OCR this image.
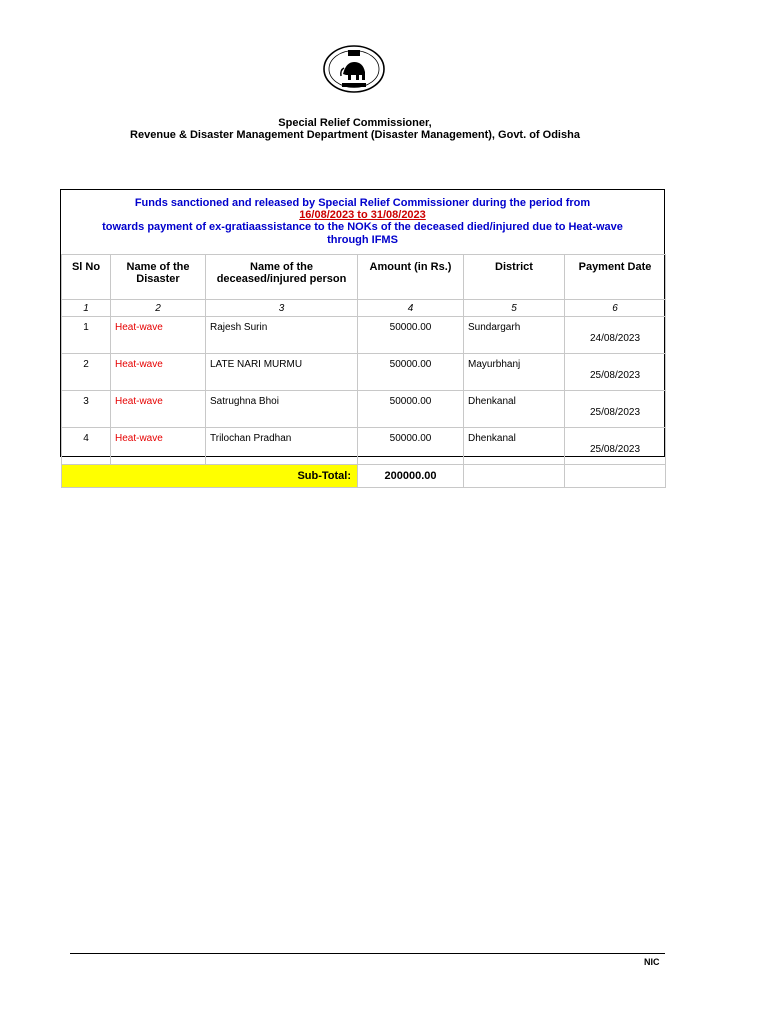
Special Relief Commissioner,
Revenue & Disaster Management Department (Disaster Management), Govt. of Odisha
Funds sanctioned and released by Special Relief Commissioner during the period from
16/08/2023 to 31/08/2023
towards payment of ex-gratiaassistance to the NOKs of the deceased died/injured due to Heat-wave
through IFMS
Sl No	Name of the Disaster	Name of the deceased/injured person	Amount (in Rs.)	District	Payment Date
1	2	3	4	5	6
1	Heat-wave	Rajesh Surin	50000.00	Sundargarh	24/08/2023
2	Heat-wave	LATE NARI MURMU	50000.00	Mayurbhanj	25/08/2023
3	Heat-wave	Satrughna Bhoi	50000.00	Dhenkanal	25/08/2023
4	Heat-wave	Trilochan Pradhan	50000.00	Dhenkanal	25/08/2023
Sub-Total:			200000.00		
NIC
